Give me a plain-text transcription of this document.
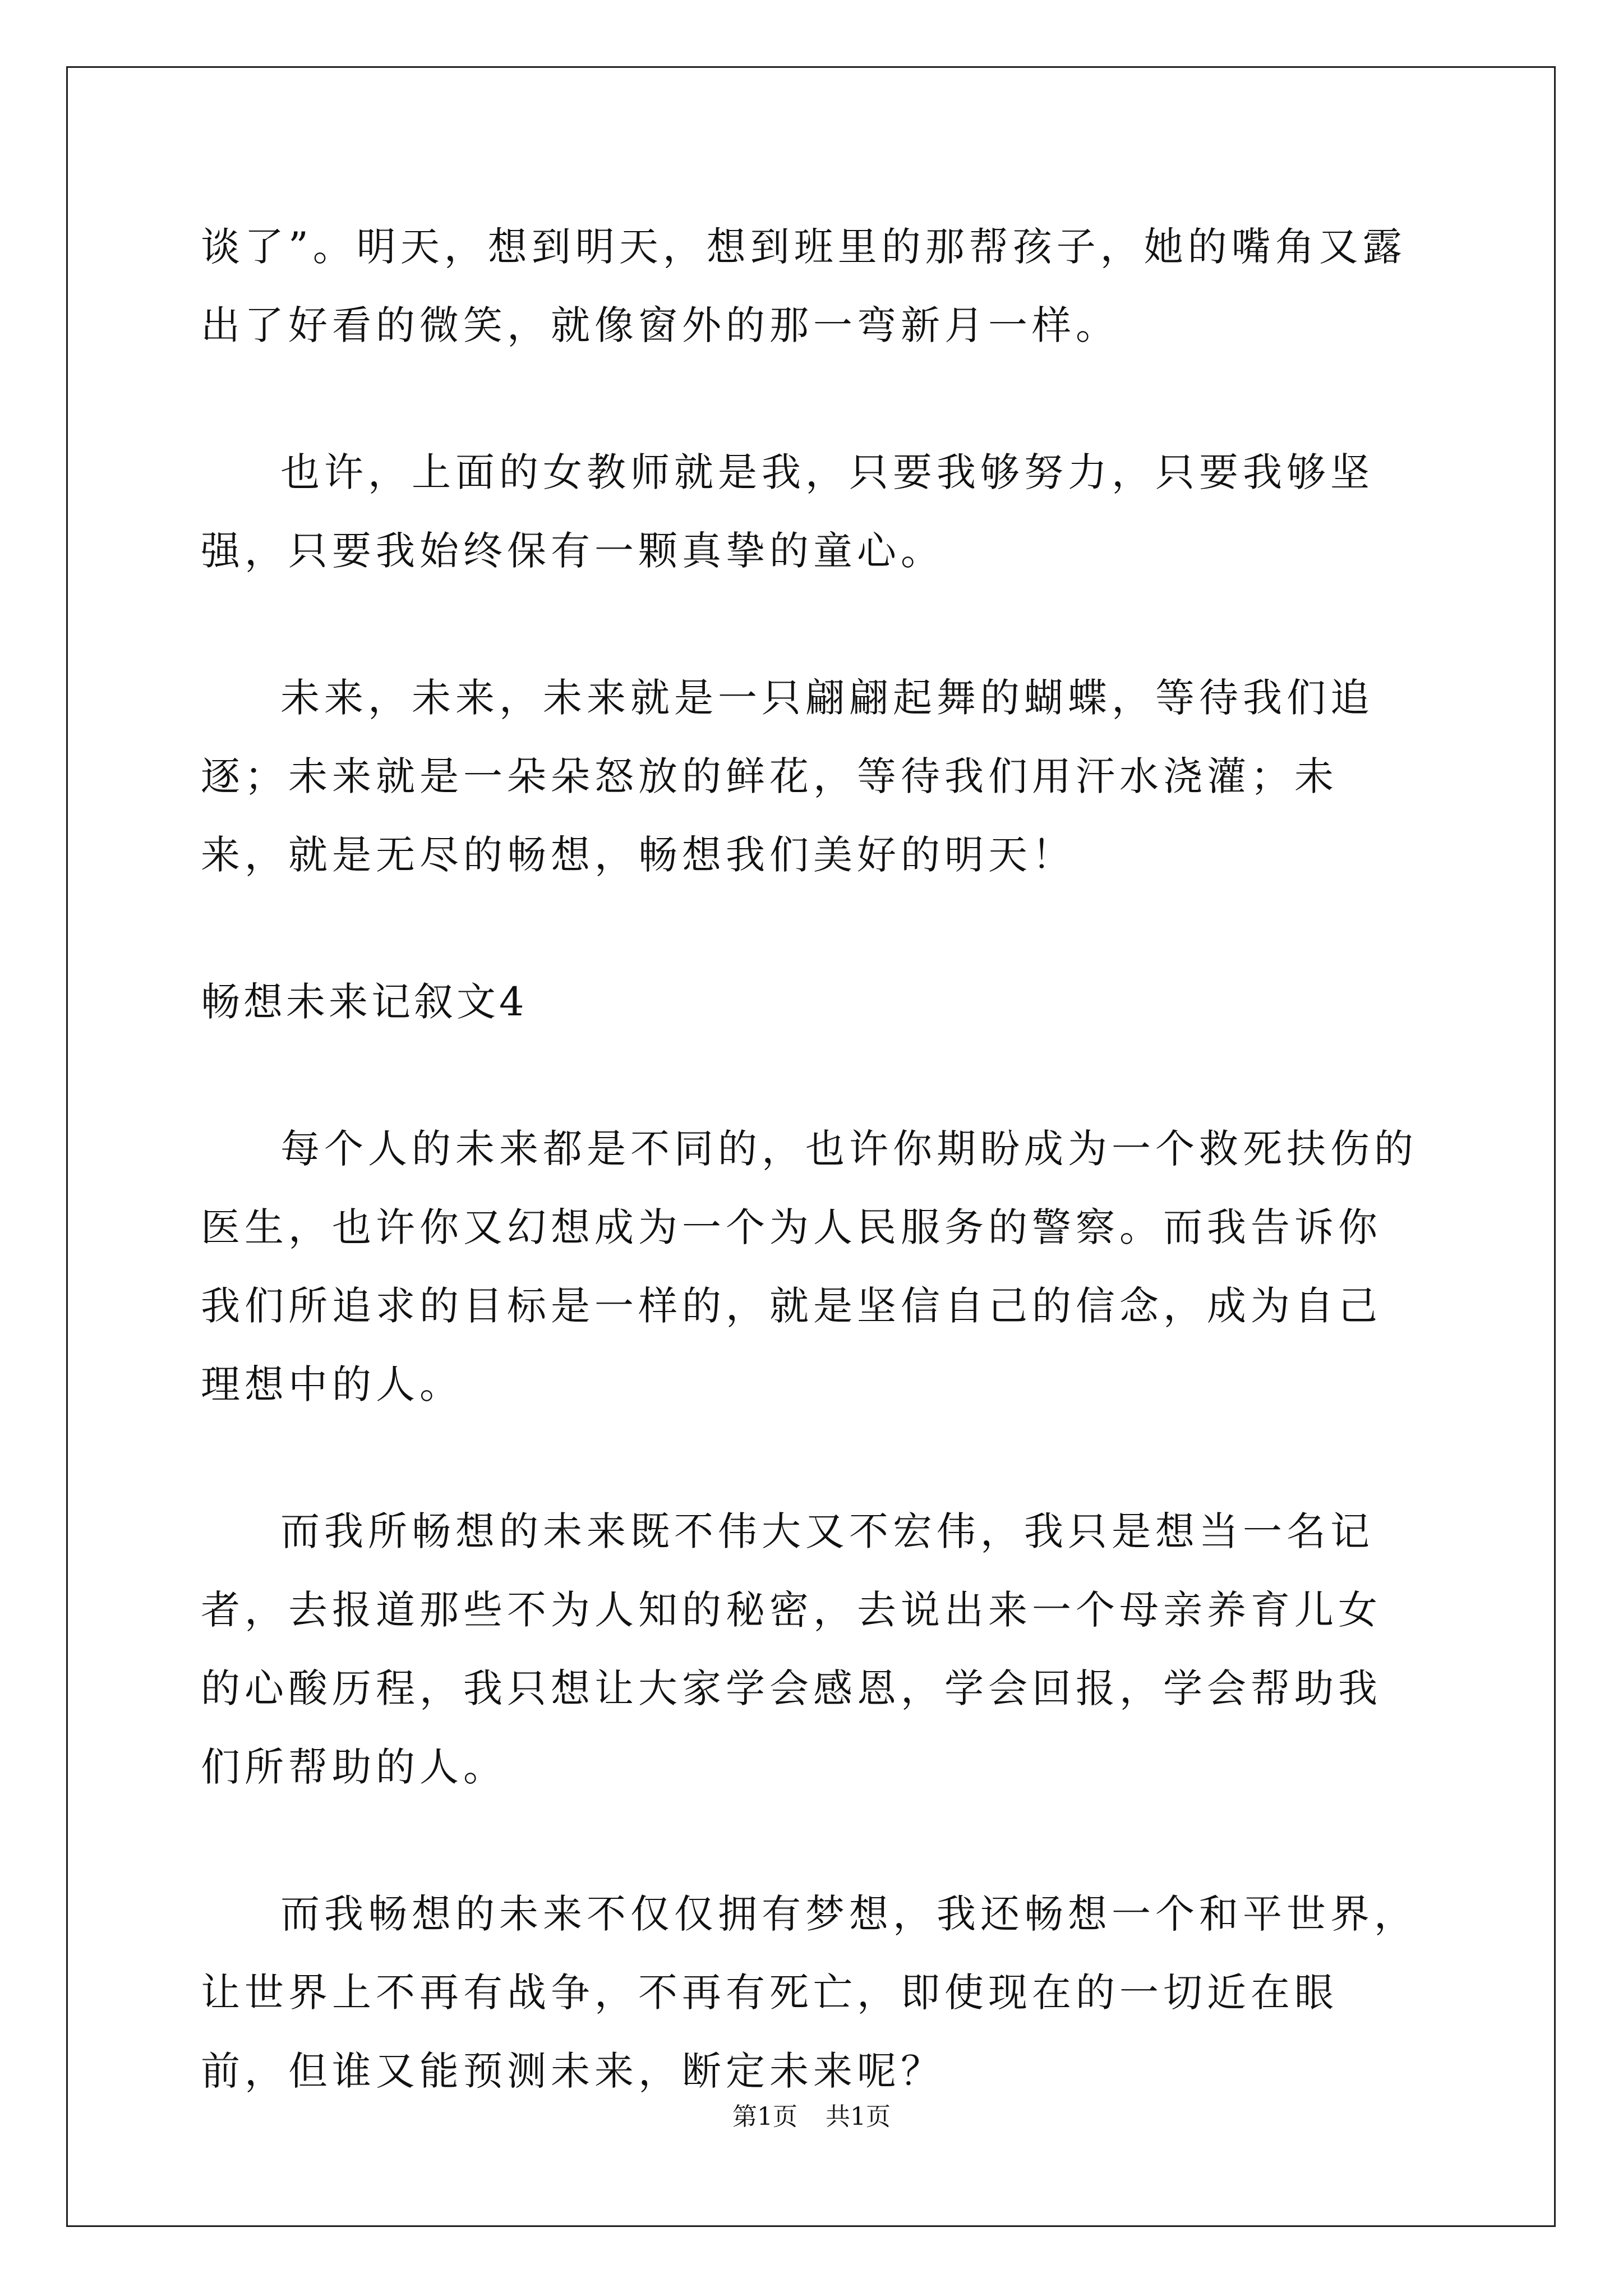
谈了”。明天，想到明天，想到班里的那帮孩子，她的嘴角又露出了好看的微笑，就像窗外的那一弯新月一样。

也许，上面的女教师就是我，只要我够努力，只要我够坚强，只要我始终保有一颗真挚的童心。

未来，未来，未来就是一只翩翩起舞的蝴蝶，等待我们追逐；未来就是一朵朵怒放的鲜花，等待我们用汗水浇灌；未来，就是无尽的畅想，畅想我们美好的明天！

畅想未来记叙文4

每个人的未来都是不同的，也许你期盼成为一个救死扶伤的医生，也许你又幻想成为一个为人民服务的警察。而我告诉你我们所追求的目标是一样的，就是坚信自己的信念，成为自己理想中的人。

而我所畅想的未来既不伟大又不宏伟，我只是想当一名记者，去报道那些不为人知的秘密，去说出来一个母亲养育儿女的心酸历程，我只想让大家学会感恩，学会回报，学会帮助我们所帮助的人。

而我畅想的未来不仅仅拥有梦想，我还畅想一个和平世界，让世界上不再有战争，不再有死亡，即使现在的一切近在眼前，但谁又能预测未来，断定未来呢？

第1页 共1页
